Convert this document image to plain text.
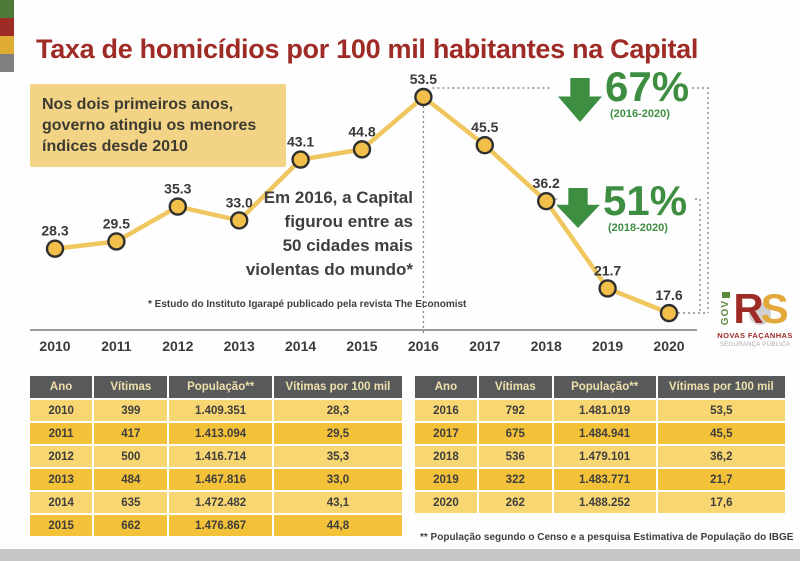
Taxa de homicídios por 100 mil habitantes na Capital
28.3 29.5
35.3
33.0
43.1
44.8
53.5
45.5
36.2
21.7
17.6
2010 2011 2012 2013 2014 2015 2016 2017 2018 2019 2020
Nos dois primeiros anos,
governo atingiu os menores
índices desde 2010
Em 2016, a Capital
figurou entre as
50 cidades mais
violentas do mundo*
* Estudo do Instituto Igarapé publicado pela revista The Economist
67%
(2016-2020)
51%
(2018-2020)
Ano	Vítimas	População**	Vítimas por 100 mil
2010	399	1.409.351	28,3
2011	417	1.413.094	29,5
2012	500	1.416.714	35,3
2013	484	1.467.816	33,0
2014	635	1.472.482	43,1
2015	662	1.476.867	44,8
Ano	Vítimas	População**	Vítimas por 100 mil
2016	792	1.481.019	53,5
2017	675	1.484.941	45,5
2018	536	1.479.101	36,2
2019	322	1.483.771	21,7
2020	262	1.488.252	17,6
** População segundo o Censo e a pesquisa Estimativa de População do IBGE
GOV R
S
NOVAS FAÇANHAS
SEGURANÇA PÚBLICA
